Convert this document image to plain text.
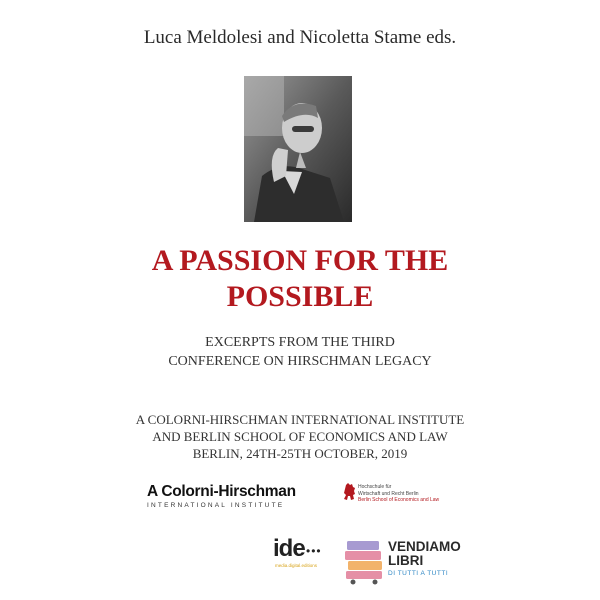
Luca Meldolesi and Nicoletta Stame eds.
A PASSION FOR THE
POSSIBLE
EXCERPTS FROM THE THIRD
CONFERENCE ON HIRSCHMAN LEGACY
A COLORNI-HIRSCHMAN INTERNATIONAL INSTITUTE
AND BERLIN SCHOOL OF ECONOMICS AND LAW
BERLIN, 24TH-25TH OCTOBER, 2019
A Colorni-Hirschman
INTERNATIONAL INSTITUTE
Hochschule für
Wirtschaft und Recht Berlin
Berlin School of Economics and Law
ide •••
media.digital.editions
VENDIAMO
LIBRI
DI TUTTI A TUTTI
